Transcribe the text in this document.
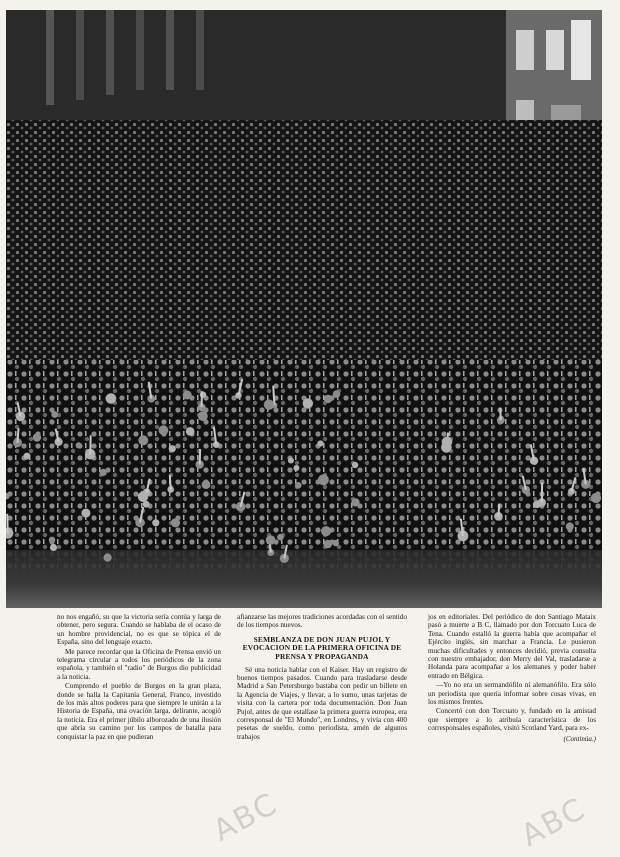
no nos engañó, su que la victoria sería contúa y larga de obtener, pero segura. Cuando se hablaba de el ocaso de un hombre providencial, no es que se tópica el de España, sino del lenguaje exacto.

Me parece recordar que la Oficina de Prensa envió un telegrama circular a todos los periódicos de la zona española, y también el "radio" de Burgos dio publicidad a la noticia.

Comprendo el pueblo de Burgos en la gran plaza, donde se halla la Capitanía General, Franco, investido de los más altos poderes para que siempre le unirán a la Historia de España, una ovación larga, delirante, acogió la noticia. Era el primer júbilo alborozado de una ilusión que abría su camino por los campos de batalla para conquistar la paz en que pudieran

afianzarse las mejores tradiciones acordadas con el sentido de los tiempos nuevos.

SEMBLANZA DE DON JUAN PUJOL Y EVOCACION DE LA PRIMERA OFICINA DE PRENSA Y PROPAGANDA

Sé una noticia hablar con el Kaiser. Hay un registro de buenos tiempos pasados. Cuando para trasladarse desde Madrid a San Petersburgo bastaba con pedir un billete en la Agencia de Viajes, y llevar, a lo sumo, unas tarjetas de visita con la cartera por toda documentación. Don Juan Pujol, antes de que estallase la primera guerra europea, era corresponsal de "El Mundo", en Londres, y vivía con 400 pesetas de sueldo, como periodista, amén de algunos trabajos

jos en editoriales. Del periódico de don Santiago Mataix pasó a muerte a B C, llamado por don Torcuato Luca de Tena. Cuando estalló la guerra había que acompañar el Ejército inglés, sin marchar a Francia. Le pusieron muchas dificultades y entonces decidió, previa consulta con nuestro embajador, don Merry del Val, trasladarse a Holanda para acompañar a los alemanes y poder haber entrado en Bélgica.

—Yo no era un sermandófilo ni alemanófilo. Era sólo un periodista que quería informar sobre cosas vivas, en los mismos frentes.

Concertó con don Torcuato y, fundado en la amistad que siempre a lo atribuía característica de los corresponsales españoles, visitó Scotland Yard, para ex-

(Continúa.)
ABC	ABC
